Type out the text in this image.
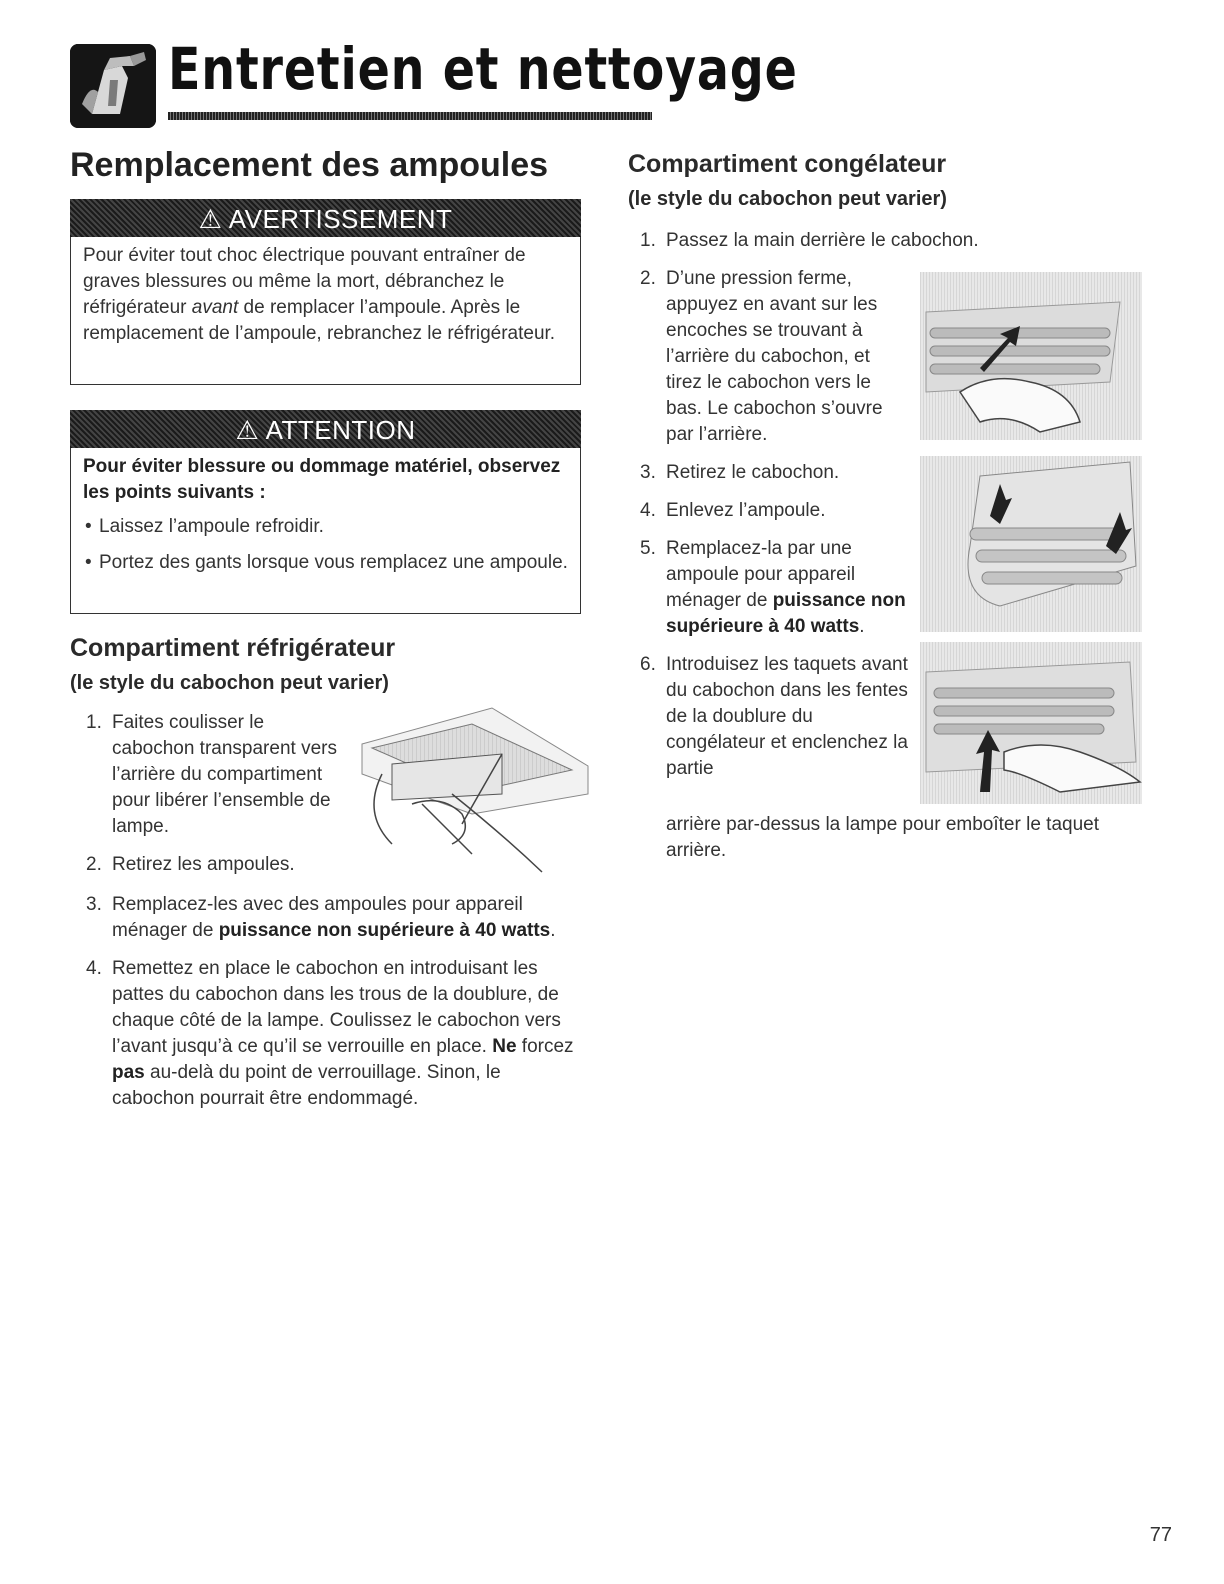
Entretien et nettoyage
Remplacement des ampoules
⚠ AVERTISSEMENT

Pour éviter tout choc électrique pouvant entraîner de graves blessures ou même la mort, débranchez le réfrigérateur avant de remplacer l’ampoule. Après le remplacement de l’ampoule, rebranchez le réfrigérateur.

⚠ ATTENTION

Pour éviter blessure ou dommage matériel, observez les points suivants :

• Laissez l’ampoule refroidir.
• Portez des gants lorsque vous remplacez une ampoule.
Compartiment réfrigérateur
(le style du cabochon peut varier)
1. Faites coulisser le cabochon transparent vers l’arrière du compartiment pour libérer l’ensemble de lampe.
2. Retirez les ampoules.
3. Remplacez-les avec des ampoules pour appareil ménager de puissance non supérieure à 40 watts.
4. Remettez en place le cabochon en introduisant les pattes du cabochon dans les trous de la doublure, de chaque côté de la lampe. Coulissez le cabochon vers l’avant jusqu’à ce qu’il se verrouille en place. Ne forcez pas au-delà du point de verrouillage. Sinon, le cabochon pourrait être endommagé.
Compartiment congélateur
(le style du cabochon peut varier)
1. Passez la main derrière le cabochon.
2. D’une pression ferme, appuyez en avant sur les encoches se trouvant à l’arrière du cabochon, et tirez le cabochon vers le bas. Le cabochon s’ouvre par l’arrière.
3. Retirez le cabochon.
4. Enlevez l’ampoule.
5. Remplacez-la par une ampoule pour appareil ménager de puissance non supérieure à 40 watts.
6. Introduisez les taquets avant du cabochon dans les fentes de la doublure du congélateur et enclenchez la partie
arrière par-dessus la lampe pour emboîter le taquet arrière.
77
